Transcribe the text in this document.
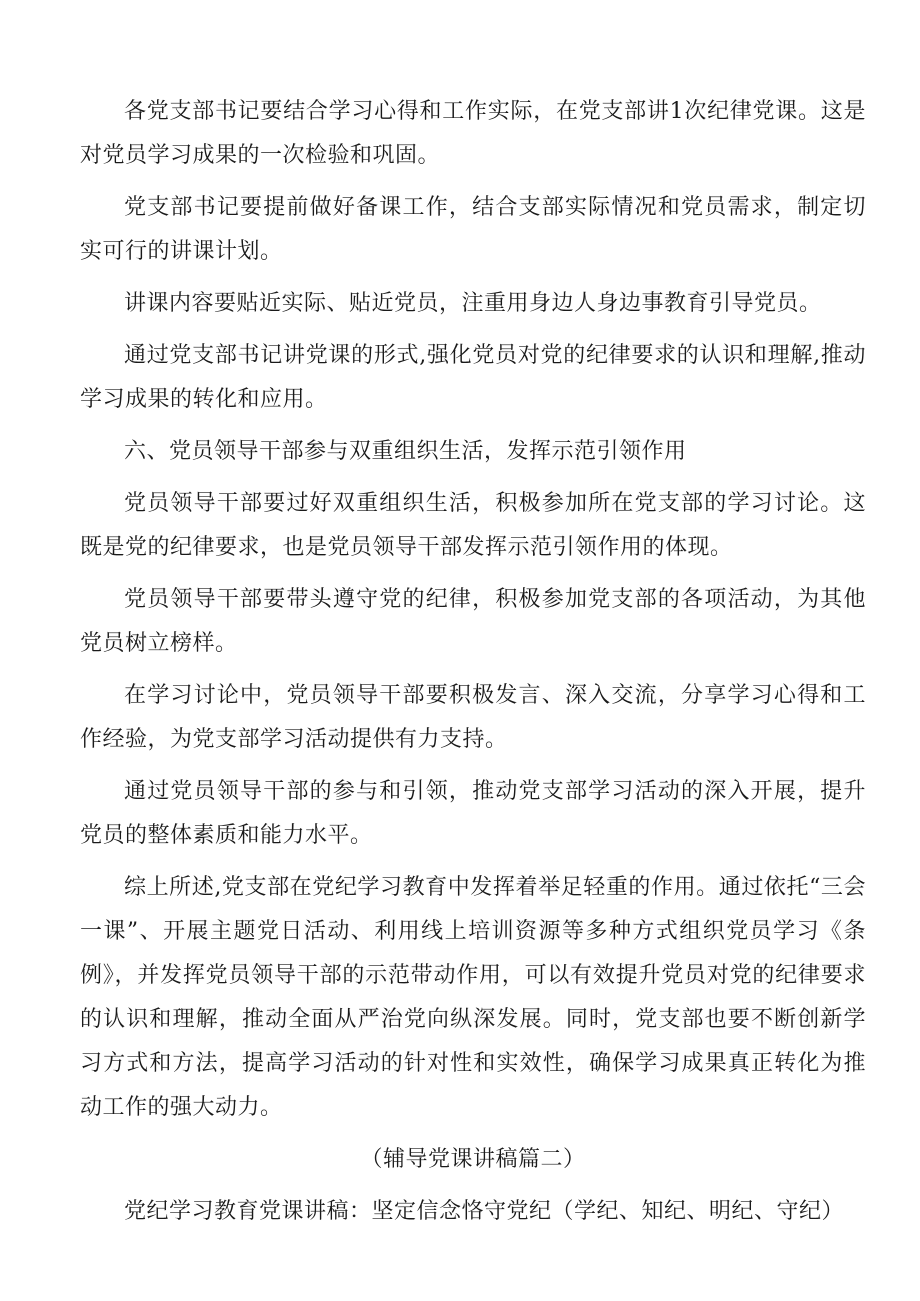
各党支部书记要结合学习心得和工作实际，在党支部讲1次纪律党课。这是对党员学习成果的一次检验和巩固。

党支部书记要提前做好备课工作，结合支部实际情况和党员需求，制定切实可行的讲课计划。

讲课内容要贴近实际、贴近党员，注重用身边人身边事教育引导党员。

通过党支部书记讲党课的形式,强化党员对党的纪律要求的认识和理解,推动学习成果的转化和应用。

六、党员领导干部参与双重组织生活，发挥示范引领作用

党员领导干部要过好双重组织生活，积极参加所在党支部的学习讨论。这既是党的纪律要求，也是党员领导干部发挥示范引领作用的体现。

党员领导干部要带头遵守党的纪律，积极参加党支部的各项活动，为其他党员树立榜样。

在学习讨论中，党员领导干部要积极发言、深入交流，分享学习心得和工作经验，为党支部学习活动提供有力支持。

通过党员领导干部的参与和引领，推动党支部学习活动的深入开展，提升党员的整体素质和能力水平。

综上所述,党支部在党纪学习教育中发挥着举足轻重的作用。通过依托“三会一课”、开展主题党日活动、利用线上培训资源等多种方式组织党员学习《条例》，并发挥党员领导干部的示范带动作用，可以有效提升党员对党的纪律要求的认识和理解，推动全面从严治党向纵深发展。同时，党支部也要不断创新学习方式和方法，提高学习活动的针对性和实效性，确保学习成果真正转化为推动工作的强大动力。

（辅导党课讲稿篇二）

党纪学习教育党课讲稿：坚定信念恪守党纪（学纪、知纪、明纪、守纪）
